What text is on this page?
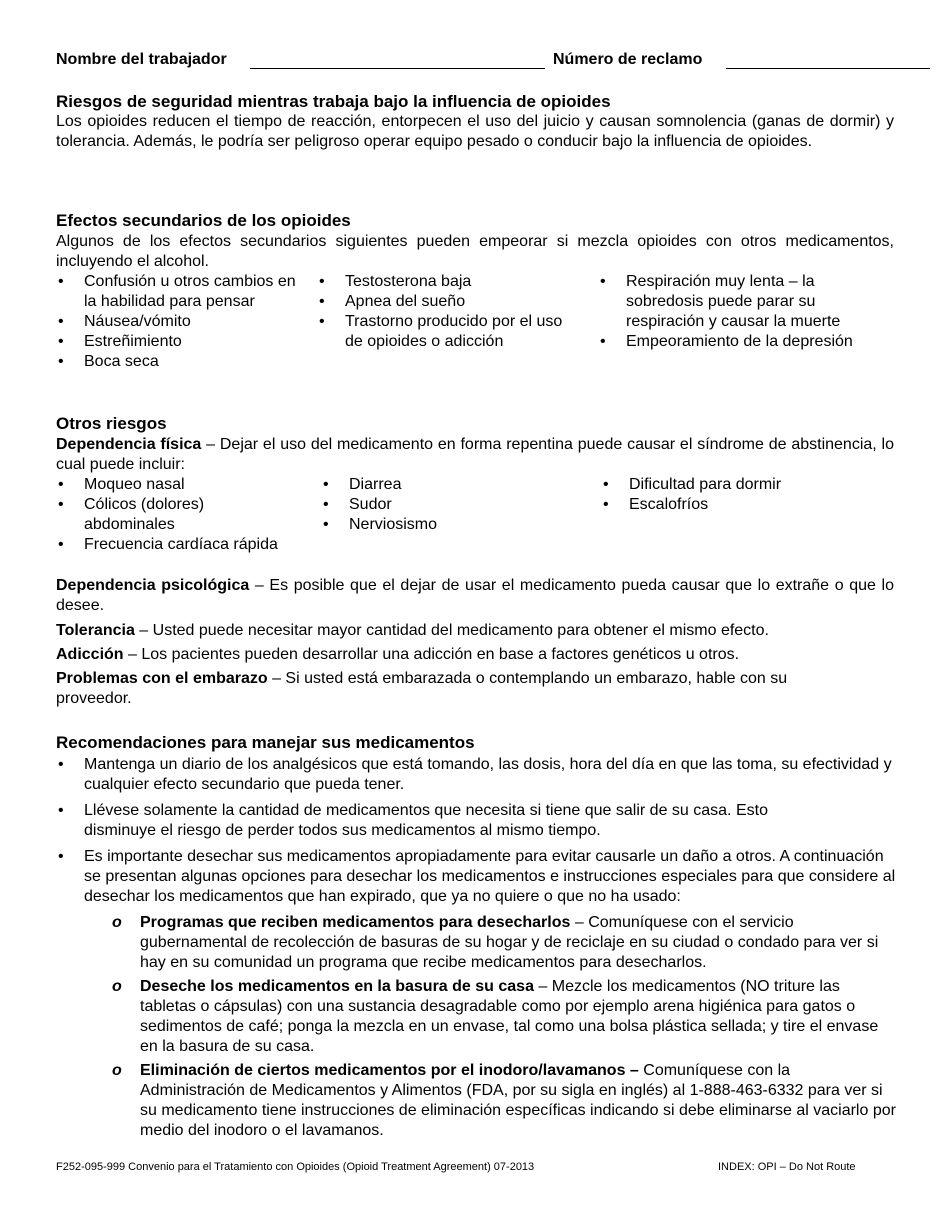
Nombre del trabajador	Número de reclamo
Riesgos de seguridad mientras trabaja bajo la influencia de opioides
Los opioides reducen el tiempo de reacción, entorpecen el uso del juicio y causan somnolencia (ganas de dormir) y tolerancia. Además, le podría ser peligroso operar equipo pesado o conducir bajo la influencia de opioides.
Efectos secundarios de los opioides
Algunos de los efectos secundarios siguientes pueden empeorar si mezcla opioides con otros medicamentos, incluyendo el alcohol.
• Confusión u otros cambios en la habilidad para pensar
• Náusea/vómito
• Estreñimiento
• Boca seca
• Testosterona baja
• Apnea del sueño
• Trastorno producido por el uso de opioides o adicción
• Respiración muy lenta – la sobredosis puede parar su respiración y causar la muerte
• Empeoramiento de la depresión
Otros riesgos
Dependencia física – Dejar el uso del medicamento en forma repentina puede causar el síndrome de abstinencia, lo cual puede incluir:
• Moqueo nasal
• Cólicos (dolores) abdominales
• Frecuencia cardíaca rápida
• Diarrea
• Sudor
• Nerviosismo
• Dificultad para dormir
• Escalofríos
Dependencia psicológica – Es posible que el dejar de usar el medicamento pueda causar que lo extrañe o que lo desee.
Tolerancia – Usted puede necesitar mayor cantidad del medicamento para obtener el mismo efecto.
Adicción – Los pacientes pueden desarrollar una adicción en base a factores genéticos u otros.
Problemas con el embarazo – Si usted está embarazada o contemplando un embarazo, hable con su proveedor.
Recomendaciones para manejar sus medicamentos
• Mantenga un diario de los analgésicos que está tomando, las dosis, hora del día en que las toma, su efectividad y cualquier efecto secundario que pueda tener.
• Llévese solamente la cantidad de medicamentos que necesita si tiene que salir de su casa. Esto disminuye el riesgo de perder todos sus medicamentos al mismo tiempo.
• Es importante desechar sus medicamentos apropiadamente para evitar causarle un daño a otros. A continuación se presentan algunas opciones para desechar los medicamentos e instrucciones especiales para que considere al desechar los medicamentos que han expirado, que ya no quiere o que no ha usado:
o Programas que reciben medicamentos para desecharlos – Comuníquese con el servicio gubernamental de recolección de basuras de su hogar y de reciclaje en su ciudad o condado para ver si hay en su comunidad un programa que recibe medicamentos para desecharlos.
o Deseche los medicamentos en la basura de su casa – Mezcle los medicamentos (NO triture las tabletas o cápsulas) con una sustancia desagradable como por ejemplo arena higiénica para gatos o sedimentos de café; ponga la mezcla en un envase, tal como una bolsa plástica sellada; y tire el envase en la basura de su casa.
o Eliminación de ciertos medicamentos por el inodoro/lavamanos – Comuníquese con la Administración de Medicamentos y Alimentos (FDA, por su sigla en inglés) al 1-888-463-6332 para ver si su medicamento tiene instrucciones de eliminación específicas indicando si debe eliminarse al vaciarlo por medio del inodoro o el lavamanos.
F252-095-999 Convenio para el Tratamiento con Opioides (Opioid Treatment Agreement) 07-2013	INDEX: OPI – Do Not Route
